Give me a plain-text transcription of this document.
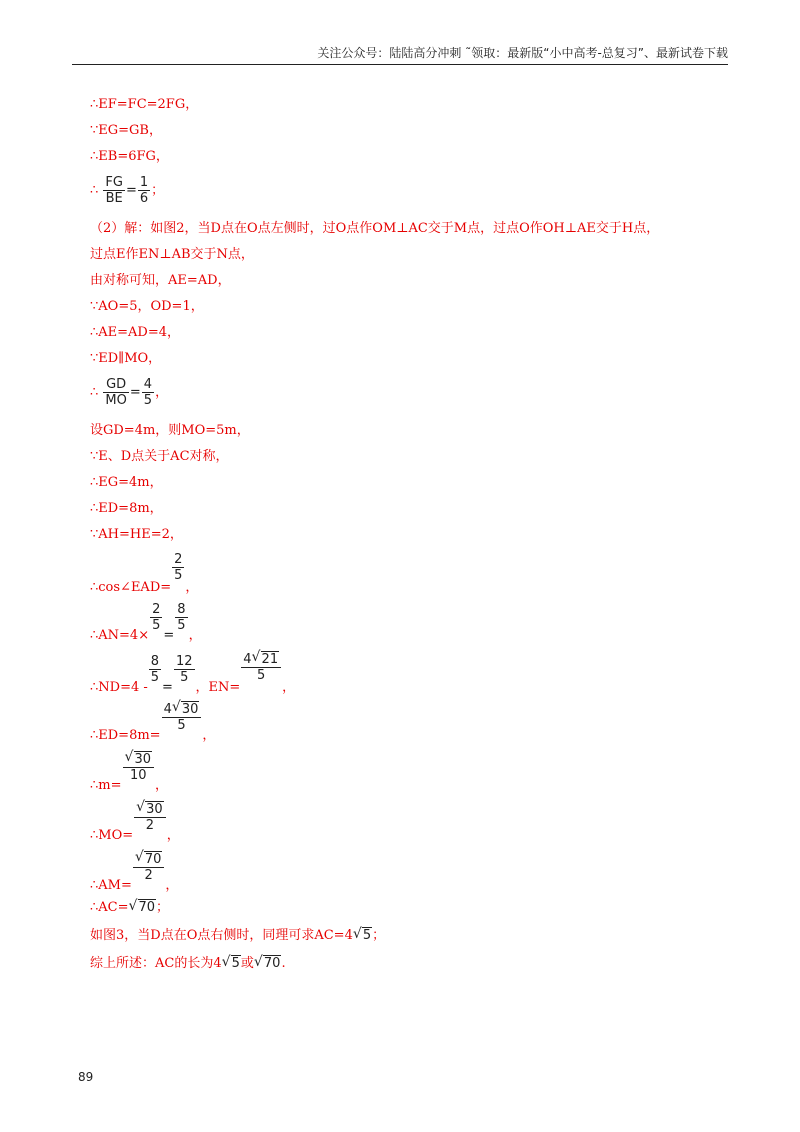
关注公众号：陆陆高分冲刺 ˜领取：最新版“小中高考-总复习”、最新试卷下载
∴EF=FC=2FG，
∵EG=GB，
∴EB=6FG，
∴ $\frac{FG}{BE} = \frac{1}{6}$ ；
（2）解：如图2，当D点在O点左侧时，过O点作OM⊥AC交于M点，过点O作OH⊥AE交于H点，
过点E作EN⊥AB交于N点，
由对称可知，AE=AD，
∵AO=5，OD=1，
∴AE=AD=4，
∵ED∥MO，
∴ $\frac{GD}{MO} = \frac{4}{5}$ ，
设GD=4m，则MO=5m，
∵E、D点关于AC对称，
∴EG=4m，
∴ED=8m，
∵AH=HE=2，
∴cos∠EAD=
$\frac{2}{5}$
，
∴AN=4×
$\frac{2}{5}$
=
$\frac{8}{5}$
，
∴ND=4 -
$\frac{8}{5}$
=
$\frac{12}{5}$
，EN=
$\frac{4 √ 21}{5}$
，
∴ED=8m=
$\frac{4 √ 30}{5}$
，
∴m=
$\frac{√ 30}{10}$
，
∴MO=
$\frac{√ 30}{2}$
，
∴AM=
$\frac{√ 70}{2}$
，
∴AC= √ 70；
如图3，当D点在O点右侧时，同理可求AC=4 √ 5；
综上所述：AC的长为4 √ 5或 √ 70.
89
